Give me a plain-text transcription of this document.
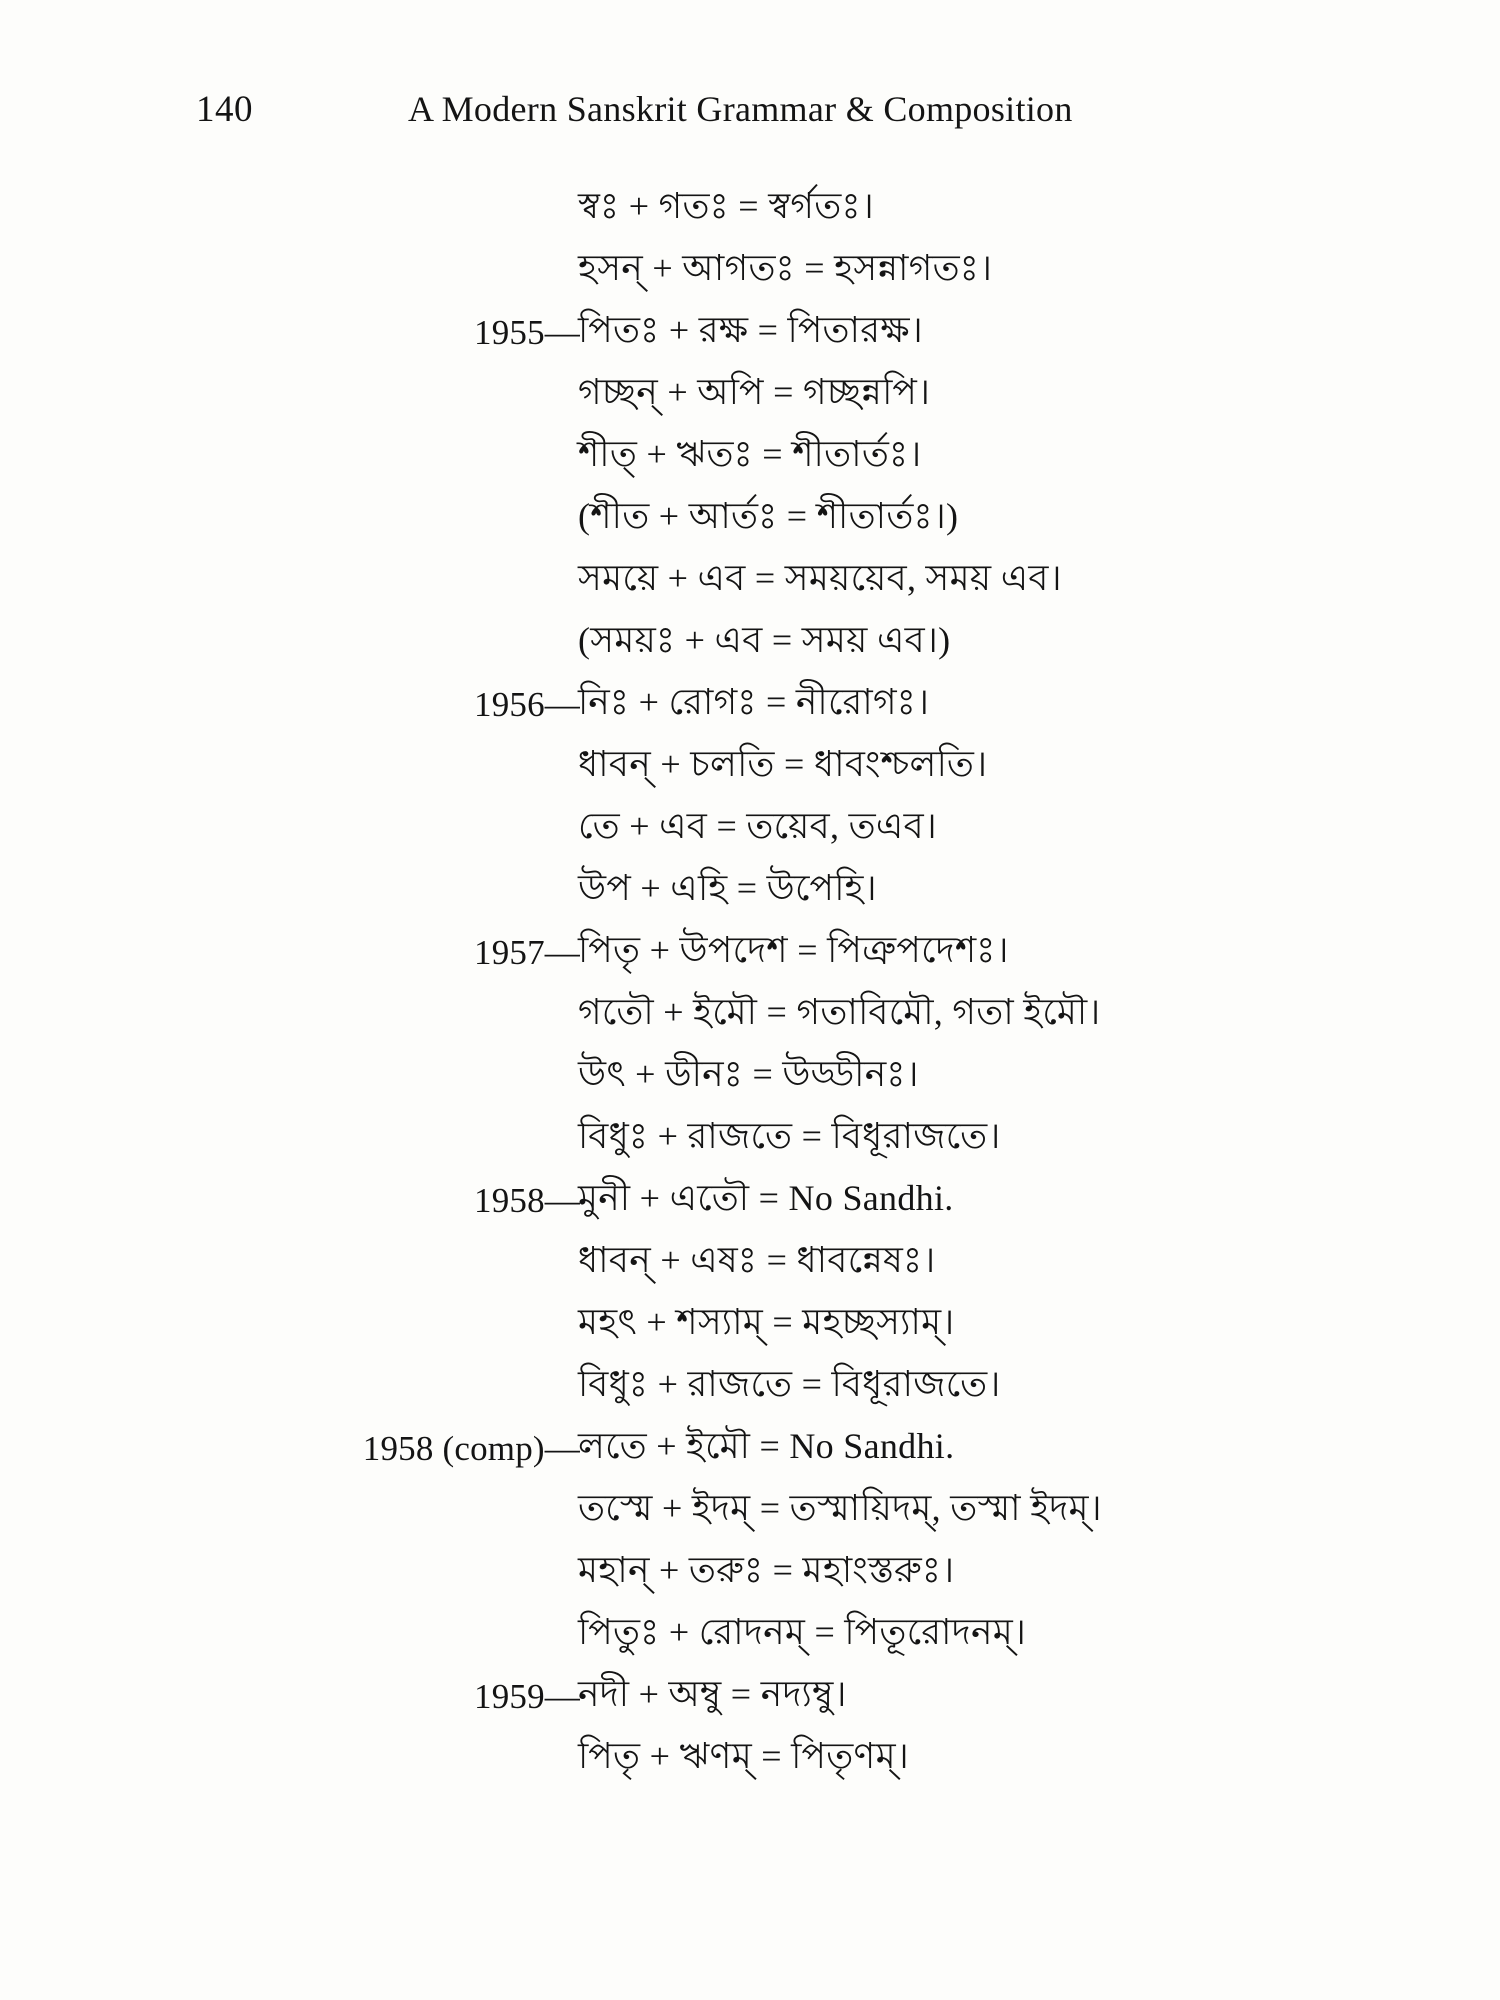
140	A Modern Sanskrit Grammar & Composition
স্বঃ + গতঃ = স্বর্গতঃ।
হসন্ + আগতঃ = হসন্নাগতঃ।
1955—
পিতঃ + রক্ষ = পিতারক্ষ।
গচ্ছন্ + অপি = গচ্ছন্নপি।
শীত্ + ঋতঃ = শীতার্তঃ।
(শীত + আর্তঃ = শীতার্তঃ।)
সময়ে + এব = সময়য়েব, সময় এব।
(সময়ঃ + এব = সময় এব।)
1956—
নিঃ + রোগঃ = নীরোগঃ।
ধাবন্ + চলতি = ধাবংশ্চলতি।
তে + এব = তয়েব, তএব।
উপ + এহি = উপেহি।
1957—
পিতৃ + উপদেশ = পিত্রুপদেশঃ।
গতৌ + ইমৌ = গতাবিমৌ, গতা ইমৌ।
উৎ + ডীনঃ = উড্ডীনঃ।
বিধুঃ + রাজতে = বিধূরাজতে।
1958—
মুনী + এতৌ = No Sandhi.
ধাবন্ + এষঃ = ধাবন্নেষঃ।
মহৎ + শস্যাম্ = মহচ্ছস্যাম্।
বিধুঃ + রাজতে = বিধূরাজতে।
1958 (comp)—
লতে + ইমৌ = No Sandhi.
তস্মে + ইদম্ = তস্মায়িদম্, তস্মা ইদম্।
মহান্ + তরুঃ = মহাংস্তরুঃ।
পিতুঃ + রোদনম্ = পিতূরোদনম্।
1959—
নদী + অম্বু = নদ্যম্বু।
পিতৃ + ঋণম্ = পিতৃণম্।
